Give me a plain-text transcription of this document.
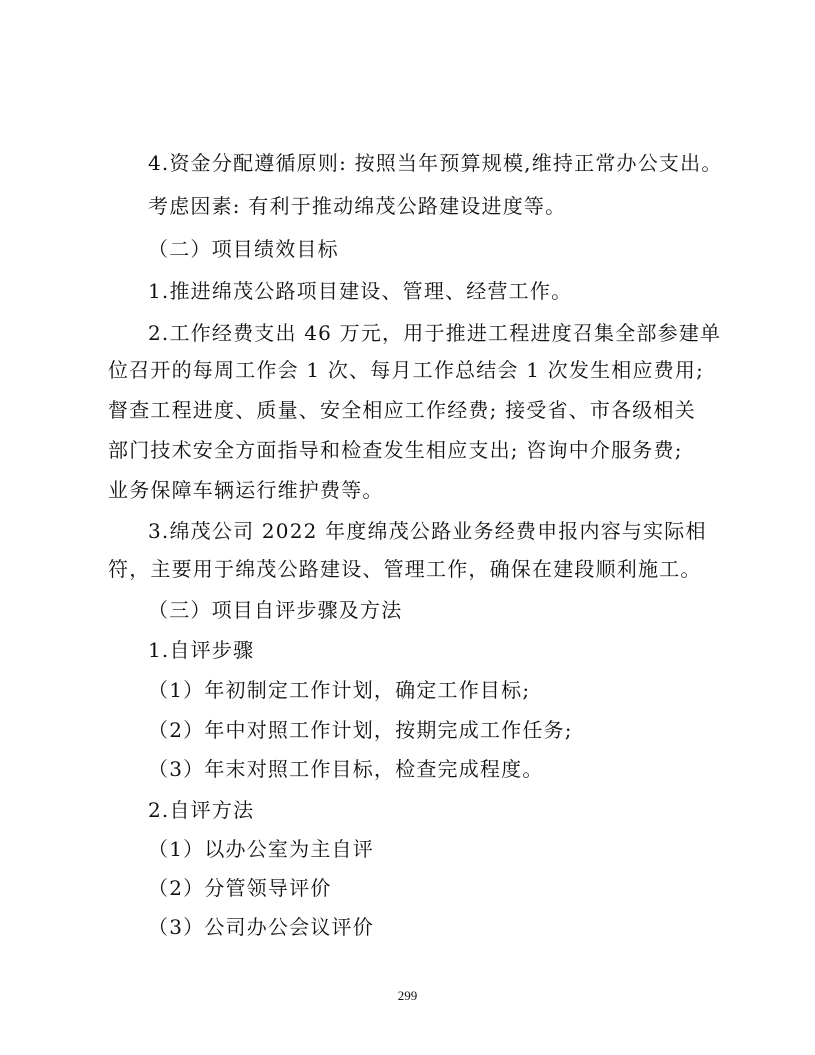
4.资金分配遵循原则: 按照当年预算规模,维持正常办公支出。
考虑因素: 有利于推动绵茂公路建设进度等。
（二）项目绩效目标
1.推进绵茂公路项目建设、管理、经营工作。
2.工作经费支出 46 万元，用于推进工程进度召集全部参建单
位召开的每周工作会 1 次、每月工作总结会 1 次发生相应费用;
督查工程进度、质量、安全相应工作经费; 接受省、市各级相关
部门技术安全方面指导和检查发生相应支出; 咨询中介服务费;
业务保障车辆运行维护费等。
3.绵茂公司 2022 年度绵茂公路业务经费申报内容与实际相
符，主要用于绵茂公路建设、管理工作，确保在建段顺利施工。
（三）项目自评步骤及方法
1.自评步骤
（1）年初制定工作计划，确定工作目标;
（2）年中对照工作计划，按期完成工作任务;
（3）年末对照工作目标，检查完成程度。
2.自评方法
（1）以办公室为主自评
（2）分管领导评价
（3）公司办公会议评价
299
